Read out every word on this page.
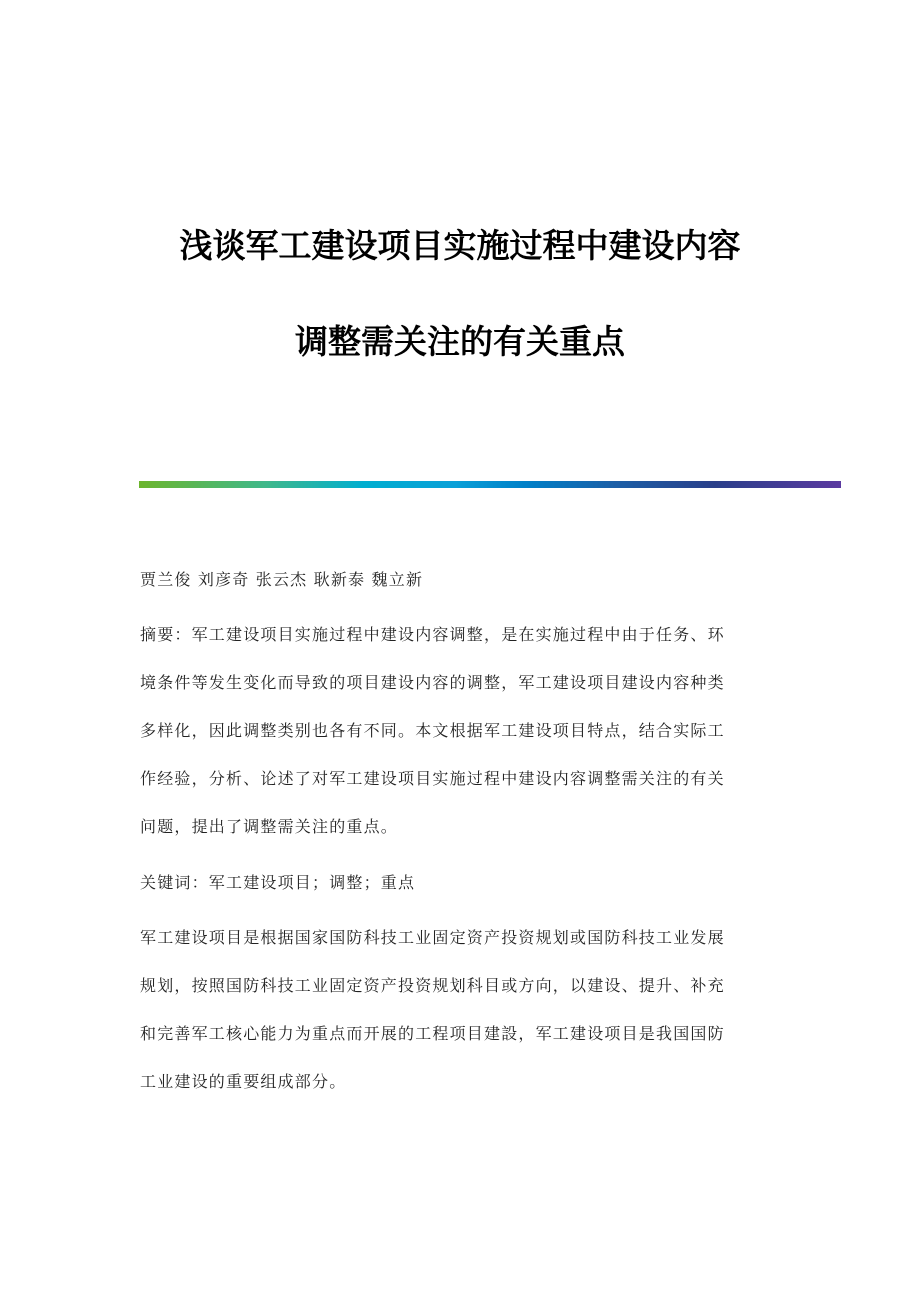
浅谈军工建设项目实施过程中建设内容
调整需关注的有关重点
贾兰俊 刘彦奇 张云杰 耿新泰 魏立新
摘要：军工建设项目实施过程中建设内容调整，是在实施过程中由于任务、环
境条件等发生变化而导致的项目建设内容的调整，军工建设项目建设内容种类
多样化，因此调整类别也各有不同。本文根据军工建设项目特点，结合实际工
作经验，分析、论述了对军工建设项目实施过程中建设内容调整需关注的有关
问题，提出了调整需关注的重点。
关键词：军工建设项目；调整；重点
军工建设项目是根据国家国防科技工业固定资产投资规划或国防科技工业发展
规划，按照国防科技工业固定资产投资规划科目或方向，以建设、提升、补充
和完善军工核心能力为重点而开展的工程项目建設，军工建设项目是我国国防
工业建设的重要组成部分。
